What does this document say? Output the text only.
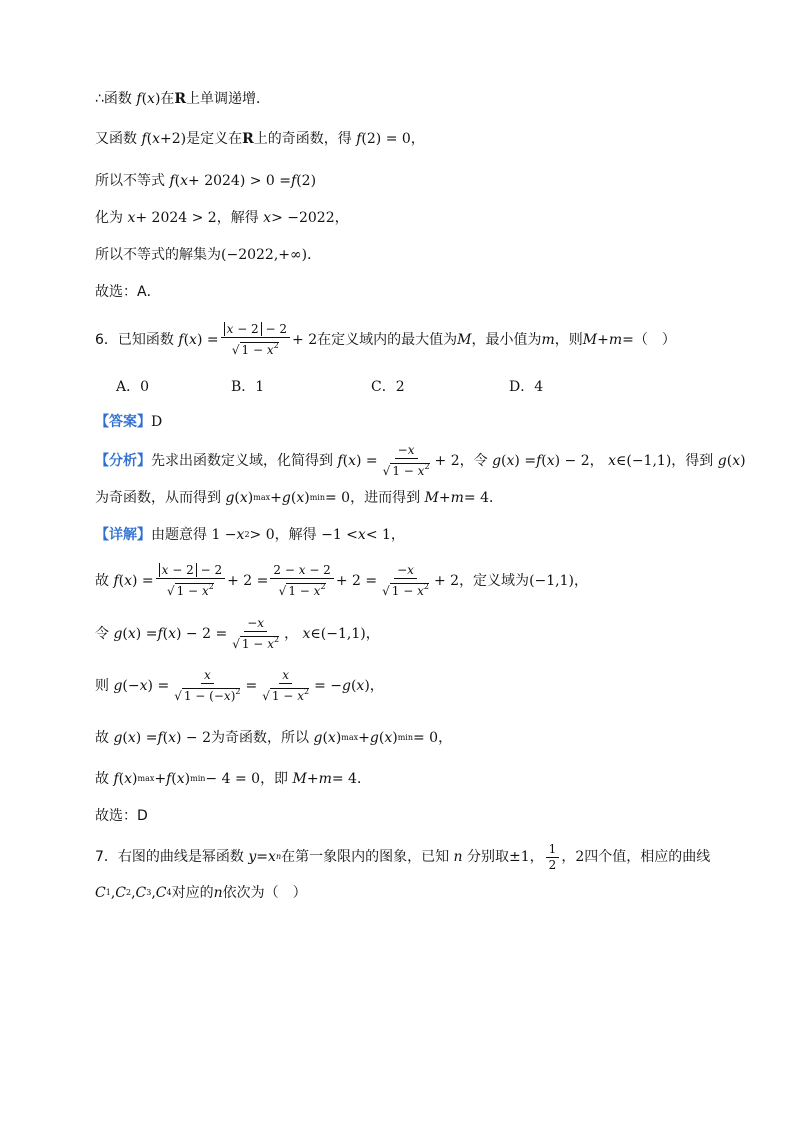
∴函数
f ( x ) 在 R 上单调递增．
又函数
f ( x +2) 是定义在 R 上的奇函数，得
f (2) = 0 ，
所以不等式
f ( x + 2024) > 0 = f (2)
化为
x + 2024 > 2 ，解得
x > −2022 ，
所以不等式的解集为 (−2022,+∞) ．
故选：A．
6．已知函数
f ( x ) = $\frac{x - 2 - 2}{√ 1 - x^2} + 2$ 在定义域内的最大值为 M ，最小值为 m ，则 M + m = （　）
A．0	B．1	C．2	D．4
【答案】 D
【分析】 先求出函数定义域，化简得到
f ( x ) = $\frac{-x}{√ 1 - x^2} + 2$ ，令
g ( x ) = f ( x ) − 2 ，
x ∈(−1,1) ，得到
g ( x )
为奇函数，从而得到
g ( x ) max + g ( x ) min = 0 ，进而得到
M + m = 4 ．
【详解】 由题意得 1 − x 2 > 0 ，解得 −1 < x < 1 ，
故
f ( x ) = $\frac{x - 2 - 2}{√ 1 - x^2} + 2 = \frac{2 - x - 2}{√ 1 - x^2} + 2 = \frac{-x}{√ 1 - x^2} + 2$ ，定义域为 (−1,1) ，
令
g ( x ) = f ( x ) − $2 = \frac{-x}{√ 1 - x^2}$ ，
x ∈(−1,1) ，
则
g (− x ) = $\frac{x}{√ 1 - (-x)^2} = \frac{x}{√ 1 - x^2}$ = − g ( x ) ，
故
g ( x ) = f ( x ) − 2 为奇函数，所以
g ( x ) max + g ( x ) min = 0 ，
故
f ( x ) max + f ( x ) min − 4 = 0 ，即
M + m = 4 ．
故选：D
7．右图的曲线是幂函数
y = x n 在第一象限内的图象，已知
n
分别取 ±1 ， $\frac{1}{2}$ ， 2 四个值，相应的曲线
C 1 , C 2 , C 3 , C 4 对应的 n 依次为（　）
